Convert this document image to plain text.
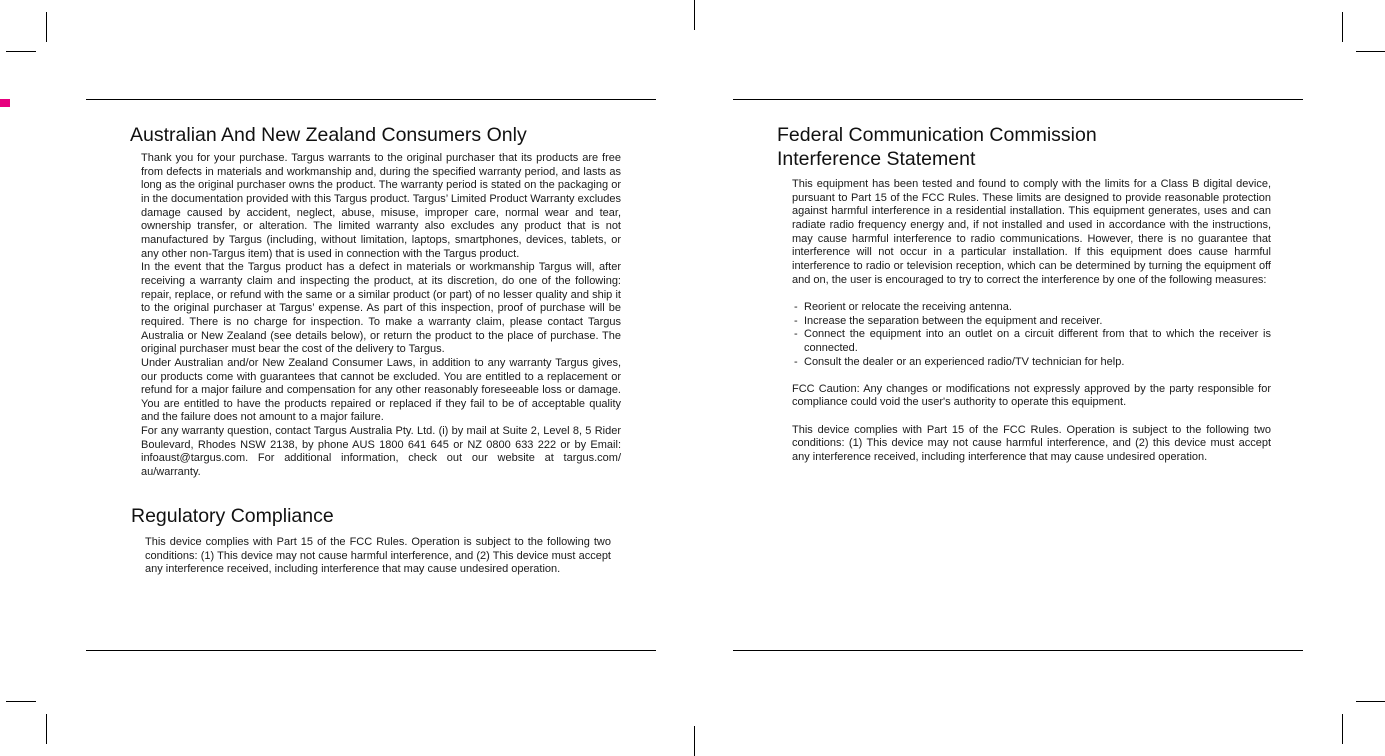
Australian And New Zealand Consumers Only

Thank you for your purchase. Targus warrants to the original purchaser that its products are free from defects in materials and workmanship and, during the specified warranty period, and lasts as long as the original purchaser owns the product. The warranty period is stated on the packaging or in the documentation provided with this Targus product. Targus’ Limited Product Warranty excludes damage caused by accident, neglect, abuse, misuse, improper care, normal wear and tear, ownership transfer, or alteration. The limited warranty also excludes any product that is not manufactured by Targus (including, without limitation, laptops, smartphones, devices, tablets, or any other non-Targus item) that is used in connection with the Targus product.

In the event that the Targus product has a defect in materials or workmanship Targus will, after receiving a warranty claim and inspecting the product, at its discretion, do one of the following: repair, replace, or refund with the same or a similar product (or part) of no lesser quality and ship it to the original purchaser at Targus’ expense. As part of this inspection, proof of purchase will be required. There is no charge for inspection. To make a warranty claim, please contact Targus Australia or New Zealand (see details below), or return the product to the place of purchase. The original purchaser must bear the cost of the delivery to Targus.

Under Australian and/or New Zealand Consumer Laws, in addition to any warranty Targus gives, our products come with guarantees that cannot be excluded. You are entitled to a replacement or refund for a major failure and compensation for any other reasonably foreseeable loss or damage. You are entitled to have the products repaired or replaced if they fail to be of acceptable quality and the failure does not amount to a major failure.

For any warranty question, contact Targus Australia Pty. Ltd. (i) by mail at Suite 2, Level 8, 5 Rider Boulevard, Rhodes NSW 2138, by phone AUS 1800 641 645 or NZ 0800 633 222 or by Email: infoaust@targus.com. For additional information, check out our website at targus.com/ au/warranty.

Regulatory Compliance

This device complies with Part 15 of the FCC Rules. Operation is subject to the following two conditions: (1) This device may not cause harmful interference, and (2) This device must accept any interference received, including interference that may cause undesired operation.

Federal Communication Commission
Interference Statement

This equipment has been tested and found to comply with the limits for a Class B digital device, pursuant to Part 15 of the FCC Rules. These limits are designed to provide reasonable protection against harmful interference in a residential installation. This equipment generates, uses and can radiate radio frequency energy and, if not installed and used in accordance with the instructions, may cause harmful interference to radio communications. However, there is no guarantee that interference will not occur in a particular installation. If this equipment does cause harmful interference to radio or television reception, which can be determined by turning the equipment off and on, the user is encouraged to try to correct the interference by one of the following measures:

- Reorient or relocate the receiving antenna.
- Increase the separation between the equipment and receiver.
- Connect the equipment into an outlet on a circuit different from that to which the receiver is connected.
- Consult the dealer or an experienced radio/TV technician for help.

FCC Caution: Any changes or modifications not expressly approved by the party responsible for compliance could void the user's authority to operate this equipment.

This device complies with Part 15 of the FCC Rules. Operation is subject to the following two conditions: (1) This device may not cause harmful interference, and (2) this device must accept any interference received, including interference that may cause undesired operation.
